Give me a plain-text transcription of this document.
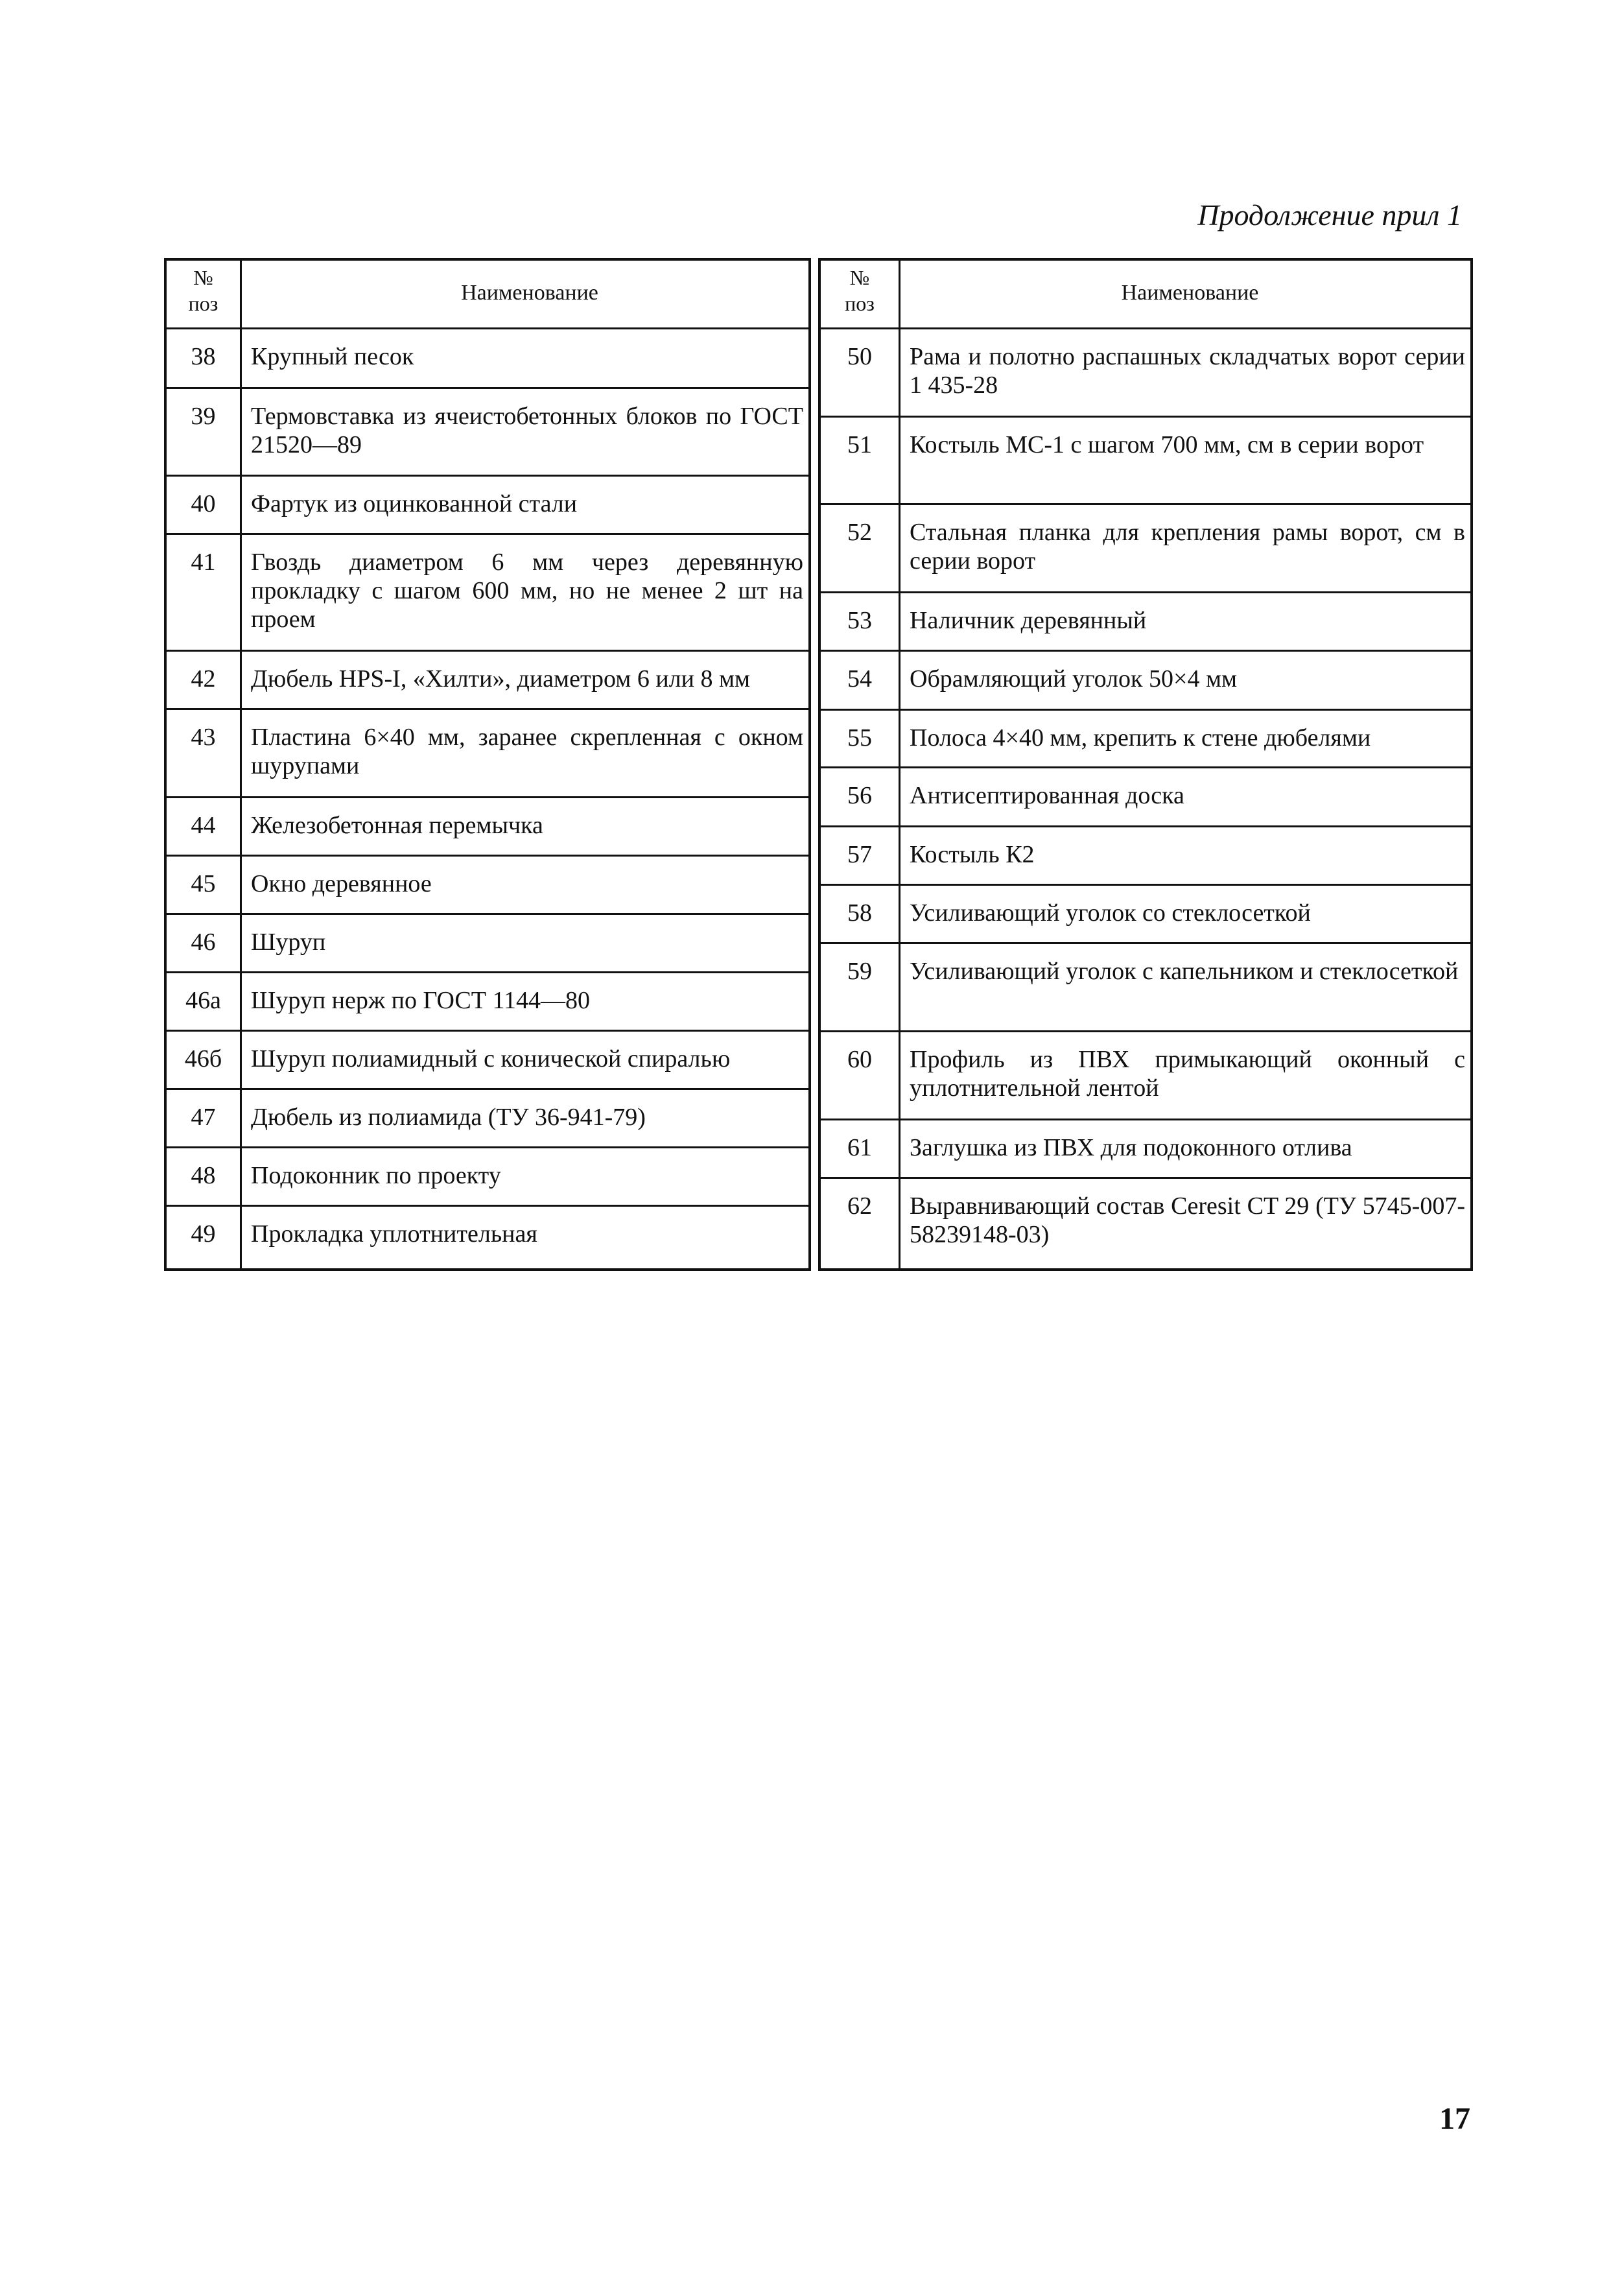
Продолжение прил 1
№
поз	Наименование
38	Крупный песок
39	Термовставка из ячеистобетонных блоков по ГОСТ 21520—89
40	Фартук из оцинкованной стали
41	Гвоздь диаметром 6 мм через деревянную прокладку с шагом 600 мм, но не менее 2 шт на проем
42	Дюбель HPS-I, «Хилти», диаметром 6 или 8 мм
43	Пластина 6×40 мм, заранее скрепленная с окном шурупами
44	Железобетонная перемычка
45	Окно деревянное
46	Шуруп
46а	Шуруп нерж по ГОСТ 1144—80
46б	Шуруп полиамидный с конической спиралью
47	Дюбель из полиамида (ТУ 36-941-79)
48	Подоконник по проекту
49	Прокладка уплотнительная
№
поз	Наименование
50	Рама и полотно распашных складчатых ворот серии 1 435-28
51	Костыль МС-1 с шагом 700 мм, см в серии ворот
52	Стальная планка для крепления рамы ворот, см в серии ворот
53	Наличник деревянный
54	Обрамляющий уголок 50×4 мм
55	Полоса 4×40 мм, крепить к стене дюбелями
56	Антисептированная доска
57	Костыль К2
58	Усиливающий уголок со стеклосеткой
59	Усиливающий уголок с капельником и стеклосеткой
60	Профиль из ПВХ примыкающий оконный с уплотнительной лентой
61	Заглушка из ПВХ для подоконного отлива
62	Выравнивающий состав Ceresit CT 29 (ТУ 5745-007-58239148-03)
17
